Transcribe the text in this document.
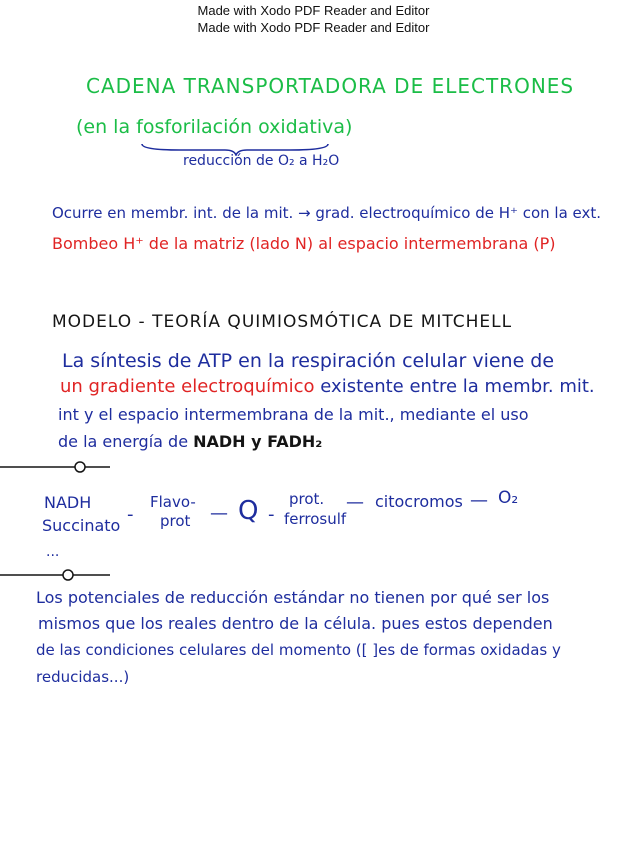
Made with Xodo PDF Reader and Editor
Made with Xodo PDF Reader and Editor
CADENA TRANSPORTADORA DE ELECTRONES
(en la fosforilación oxidativa)
reducción de O₂ a H₂O
Ocurre en membr. int. de la mit. → grad. electroquímico de H⁺ con la ext.
Bombeo H⁺ de la matriz (lado N) al espacio intermembrana (P)
MODELO - TEORÍA QUIMIOSMÓTICA DE MITCHELL
La síntesis de ATP en la respiración celular viene de
un gradiente electroquímico existente entre la membr. mit.
int y el espacio intermembrana de la mit., mediante el uso
de la energía de NADH y FADH₂
NADH
Succinato
-
Flavo-
prot — Q -
prot.
ferrosulf
— citocromos — O₂
...
Los potenciales de reducción estándar no tienen por qué ser los
mismos que los reales dentro de la célula. pues estos dependen
de las condiciones celulares del momento ([ ]es de formas oxidadas y
reducidas...)
